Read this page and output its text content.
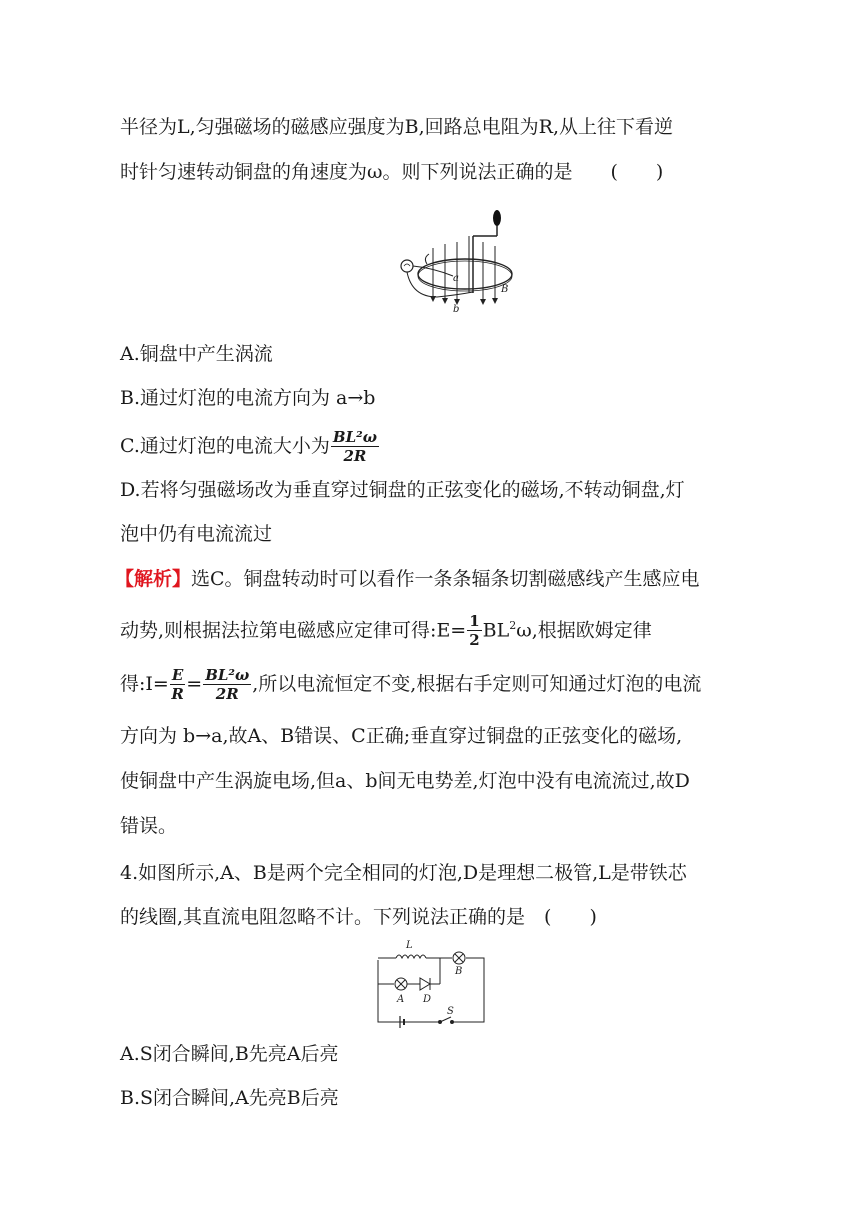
半径为L,匀强磁场的磁感应强度为B,回路总电阻为R,从上往下看逆
时针匀速转动铜盘的角速度为ω。则下列说法正确的是　　(　　)
a
b
B
A.铜盘中产生涡流
B.通过灯泡的电流方向为 a→b
C.通过灯泡的电流大小为 $\frac{\text{BL²ω}}{2R}$
D.若将匀强磁场改为垂直穿过铜盘的正弦变化的磁场,不转动铜盘,灯
泡中仍有电流流过
【解析】选C。铜盘转动时可以看作一条条辐条切割磁感线产生感应电
动势,则根据法拉第电磁感应定律可得:E= $\frac{1}{2} BL^2\omega$,根据欧姆定律
得:I= $\frac{E}{R} = \frac{\text{BL²ω}}{2R}$ ,所以电流恒定不变,根据右手定则可知通过灯泡的电流
方向为 b→a,故A、B错误、C正确;垂直穿过铜盘的正弦变化的磁场,
使铜盘中产生涡旋电场,但a、b间无电势差,灯泡中没有电流流过,故D
错误。
4.如图所示,A、B是两个完全相同的灯泡,D是理想二极管,L是带铁芯
的线圈,其直流电阻忽略不计。下列说法正确的是　(　　)
L
B
A D
S
A.S闭合瞬间,B先亮A后亮
B.S闭合瞬间,A先亮B后亮
